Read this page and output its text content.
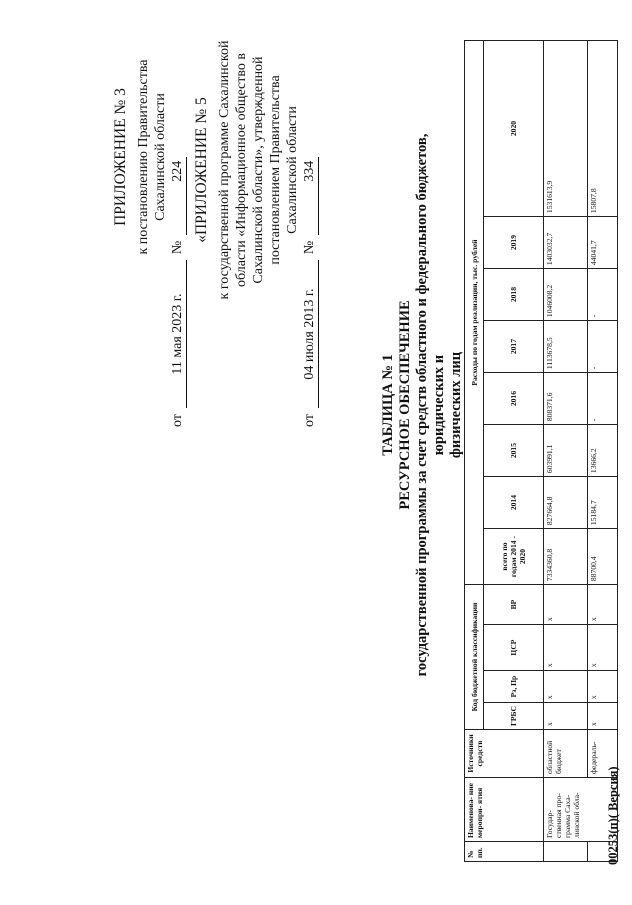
ПРИЛОЖЕНИЕ № 3 к постановлению Правительства Сахалинской области
от
11 мая 2023 г.
№
224 «ПРИЛОЖЕНИЕ № 5 к государственной программе Сахалинской области «Информационное общество в Сахалинской области», утвержденной постановлением Правительства Сахалинской области
от
04 июля 2013 г.
№
334
ТАБЛИЦА № 1 РЕСУРСНОЕ ОБЕСПЕЧЕНИЕ государственной программы за счет средств областного и федерального бюджетов, юридических и физических лиц
№ пп.	Наименова- ние меропри- ятия	Источники средств	Код бюджетной классификации				Расходы по годам реализации, тыс. рублей							
			ГРБС	Рз, Пр	ЦСР	ВР	всего по годам 2014 - 2020	2014	2015	2016	2017	2018	2019	2020
	Государ- ственная про- грамма Саха- линской обла-	областной бюджет	х	х	х	х	7334360,8	827664,8	603991,1	808371,6	1113678,5	1046008,2	1403032,7	1531613,9
		федераль-	х	х	х	х	88700,4	15184,7	13666,2	-	-	-	44041,7	15807,8
00253(п)( Версия)
